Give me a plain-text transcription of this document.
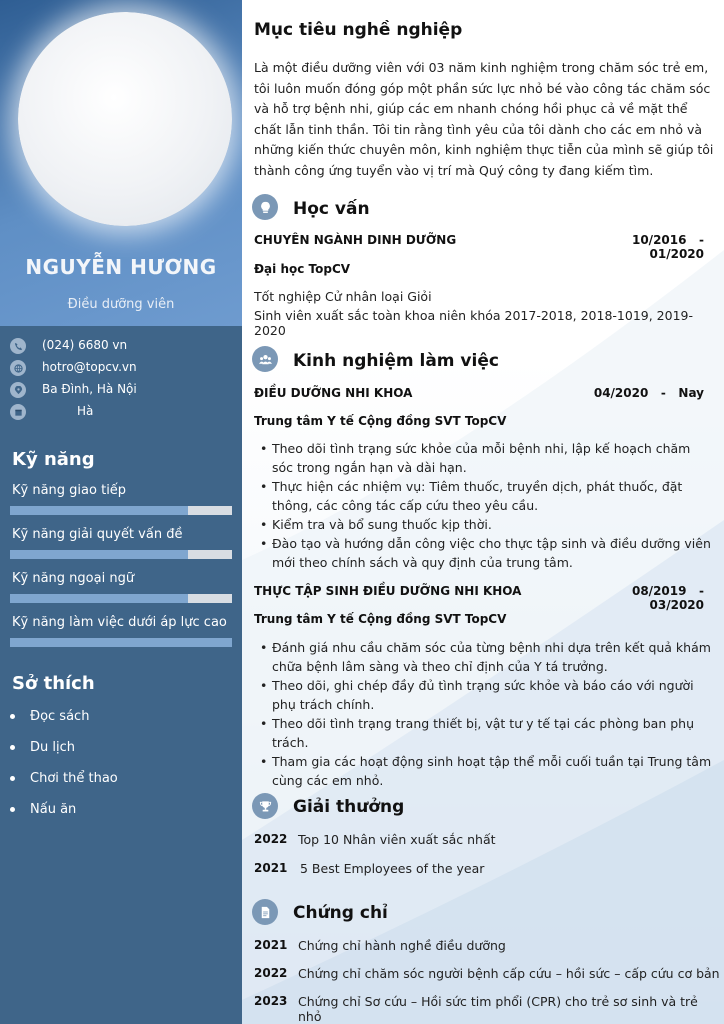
NGUYỄN HƯƠNG
Điều dưỡng viên
(024) 6680 vn
hotro@topcv.vn
Ba Đình, Hà Nội
Hà
Kỹ năng
Kỹ năng giao tiếp
Kỹ năng giải quyết vấn đề
Kỹ năng ngoại ngữ
Kỹ năng làm việc dưới áp lực cao
Sở thích
Đọc sách
Du lịch
Chơi thể thao
Nấu ăn
Mục tiêu nghề nghiệp
Là một điều dưỡng viên với 03 năm kinh nghiệm trong chăm sóc trẻ em, tôi luôn muốn đóng góp một phần sức lực nhỏ bé vào công tác chăm sóc và hỗ trợ bệnh nhi, giúp các em nhanh chóng hồi phục cả về mặt thể chất lẫn tinh thần. Tôi tin rằng tình yêu của tôi dành cho các em nhỏ và những kiến thức chuyên môn, kinh nghiệm thực tiễn của mình sẽ giúp tôi thành công ứng tuyển vào vị trí mà Quý công ty đang kiếm tìm.
Học vấn
CHUYÊN NGÀNH DINH DƯỠNG	10/2016 -   01/2020
Đại học TopCV
Tốt nghiệp Cử nhân loại Giỏi
Sinh viên xuất sắc toàn khoa niên khóa 2017-2018, 2018-1019, 2019-2020
Kinh nghiệm làm việc
ĐIỀU DƯỠNG NHI KHOA	04/2020 - Nay
Trung tâm Y tế Cộng đồng SVT TopCV
• Theo dõi tình trạng sức khỏe của mỗi bệnh nhi, lập kế hoạch chăm sóc trong ngắn hạn và dài hạn.
• Thực hiện các nhiệm vụ: Tiêm thuốc, truyền dịch, phát thuốc, đặt thông, các công tác cấp cứu theo yêu cầu.
• Kiểm tra và bổ sung thuốc kịp thời.
• Đào tạo và hướng dẫn công việc cho thực tập sinh và điều dưỡng viên mới theo chính sách và quy định của trung tâm.
THỰC TẬP SINH ĐIỀU DƯỠNG NHI KHOA	08/2019 -   03/2020
Trung tâm Y tế Cộng đồng SVT TopCV
• Đánh giá nhu cầu chăm sóc của từng bệnh nhi dựa trên kết quả khám chữa bệnh lâm sàng và theo chỉ định của Y tá trưởng.
• Theo dõi, ghi chép đầy đủ tình trạng sức khỏe và báo cáo với người phụ trách chính.
• Theo dõi tình trạng trang thiết bị, vật tư y tế tại các phòng ban phụ trách.
• Tham gia các hoạt động sinh hoạt tập thể mỗi cuối tuần tại Trung tâm cùng các em nhỏ.
Giải thưởng
2022 Top 10 Nhân viên xuất sắc nhất
2021 5 Best Employees of the year
Chứng chỉ
2021 Chứng chỉ hành nghề điều dưỡng
2022 Chứng chỉ chăm sóc người bệnh cấp cứu – hồi sức – cấp cứu cơ bản
2023 Chứng chỉ Sơ cứu – Hồi sức tim phổi (CPR) cho trẻ sơ sinh và trẻ nhỏ
